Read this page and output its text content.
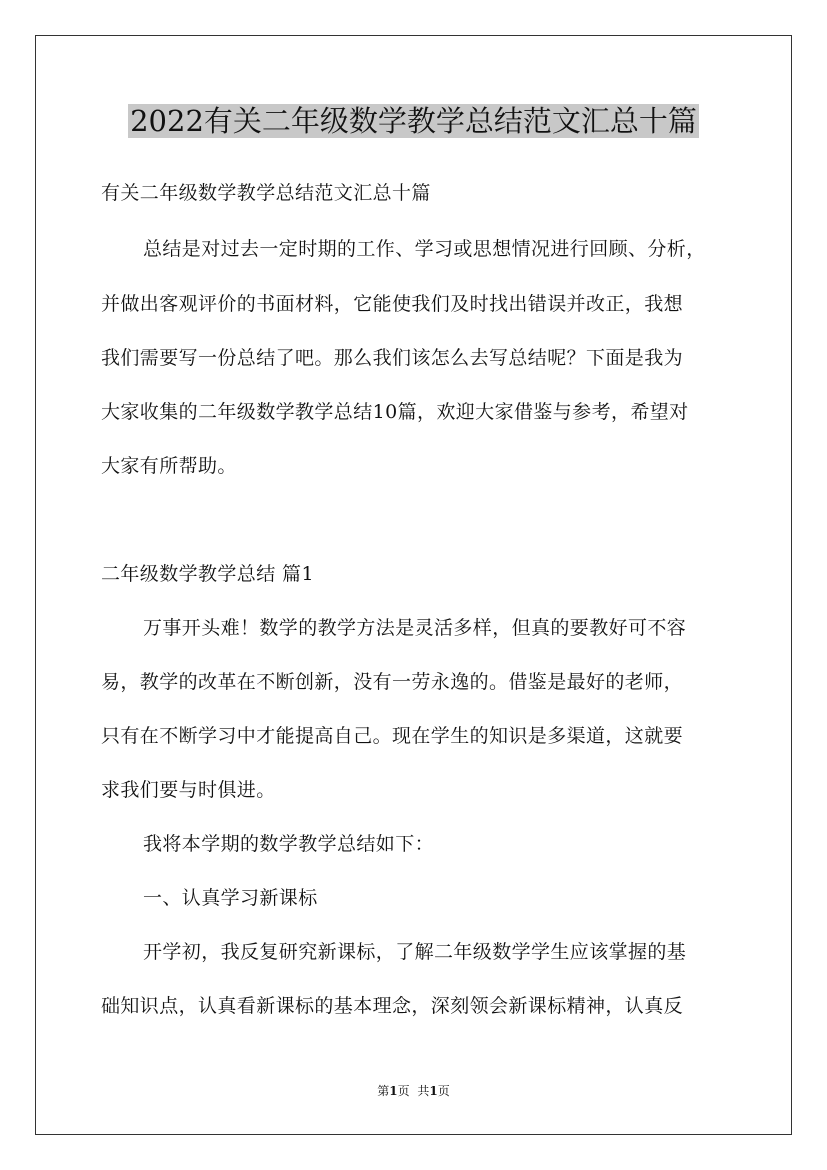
2022有关二年级数学教学总结范文汇总十篇
有关二年级数学教学总结范文汇总十篇
总结是对过去一定时期的工作、学习或思想情况进行回顾、分析，
并做出客观评价的书面材料，它能使我们及时找出错误并改正，我想
我们需要写一份总结了吧。那么我们该怎么去写总结呢？下面是我为
大家收集的二年级数学教学总结10篇，欢迎大家借鉴与参考，希望对
大家有所帮助。
二年级数学教学总结 篇1
万事开头难！数学的教学方法是灵活多样，但真的要教好可不容
易，教学的改革在不断创新，没有一劳永逸的。借鉴是最好的老师，
只有在不断学习中才能提高自己。现在学生的知识是多渠道，这就要
求我们要与时俱进。
我将本学期的数学教学总结如下：
一、认真学习新课标
开学初，我反复研究新课标，了解二年级数学学生应该掌握的基
础知识点，认真看新课标的基本理念，深刻领会新课标精神，认真反
第1页 共1页
